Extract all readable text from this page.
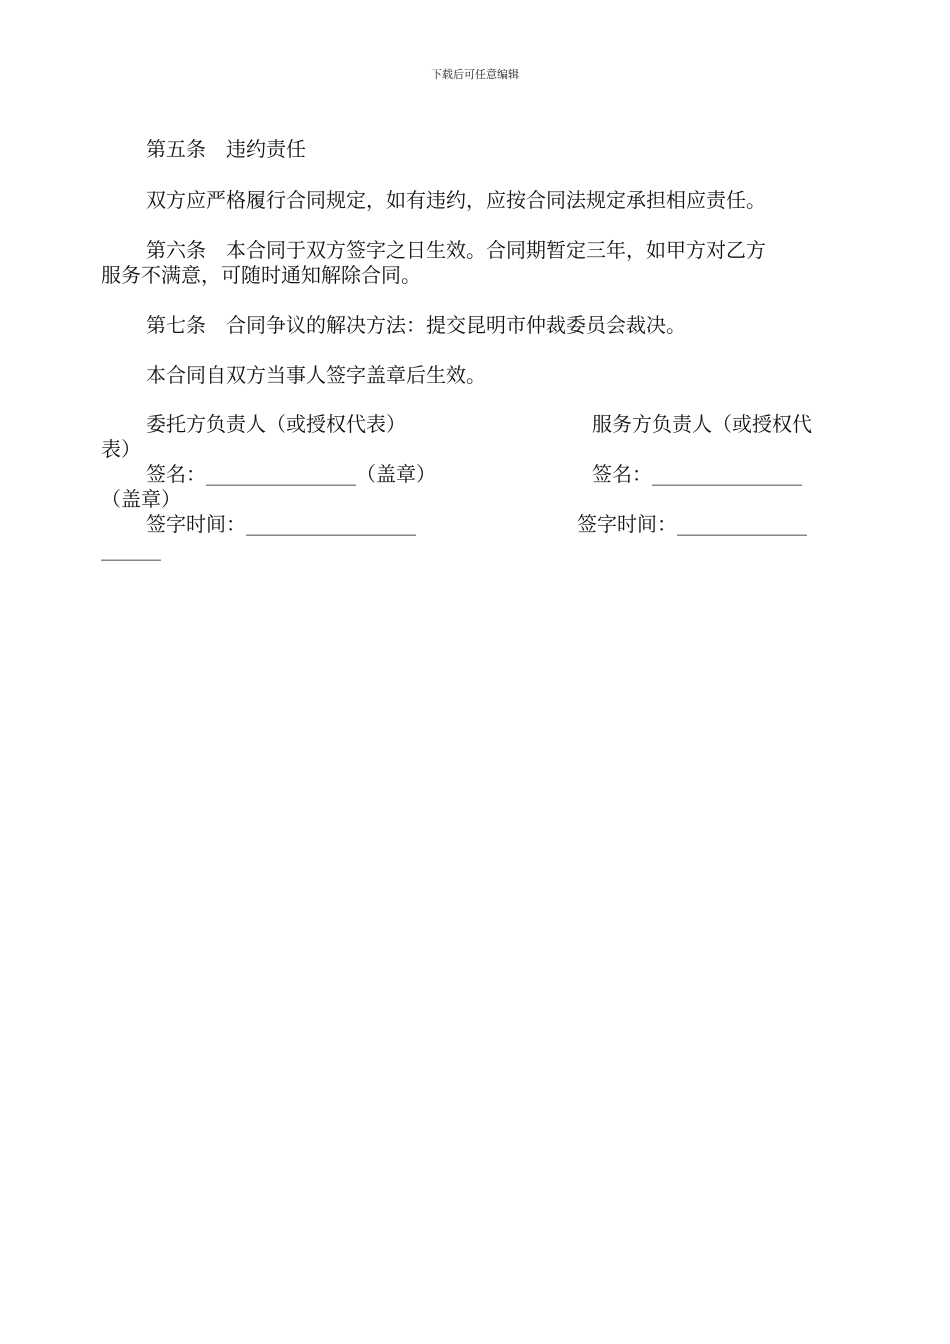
下载后可任意编辑
第五条　违约责任
双方应严格履行合同规定，如有违约，应按合同法规定承担相应责任。
第六条　本合同于双方签字之日生效。合同期暂定三年，如甲方对乙方
服务不满意，可随时通知解除合同。
第七条　合同争议的解决方法：提交昆明市仲裁委员会裁决。
本合同自双方当事人签字盖章后生效。
委托方负责人（或授权代表）	服务方负责人（或授权代
表）
签名：_______________（盖章）	签名：_______________
（盖章）
签字时间：_________________	签字时间：_____________
______
